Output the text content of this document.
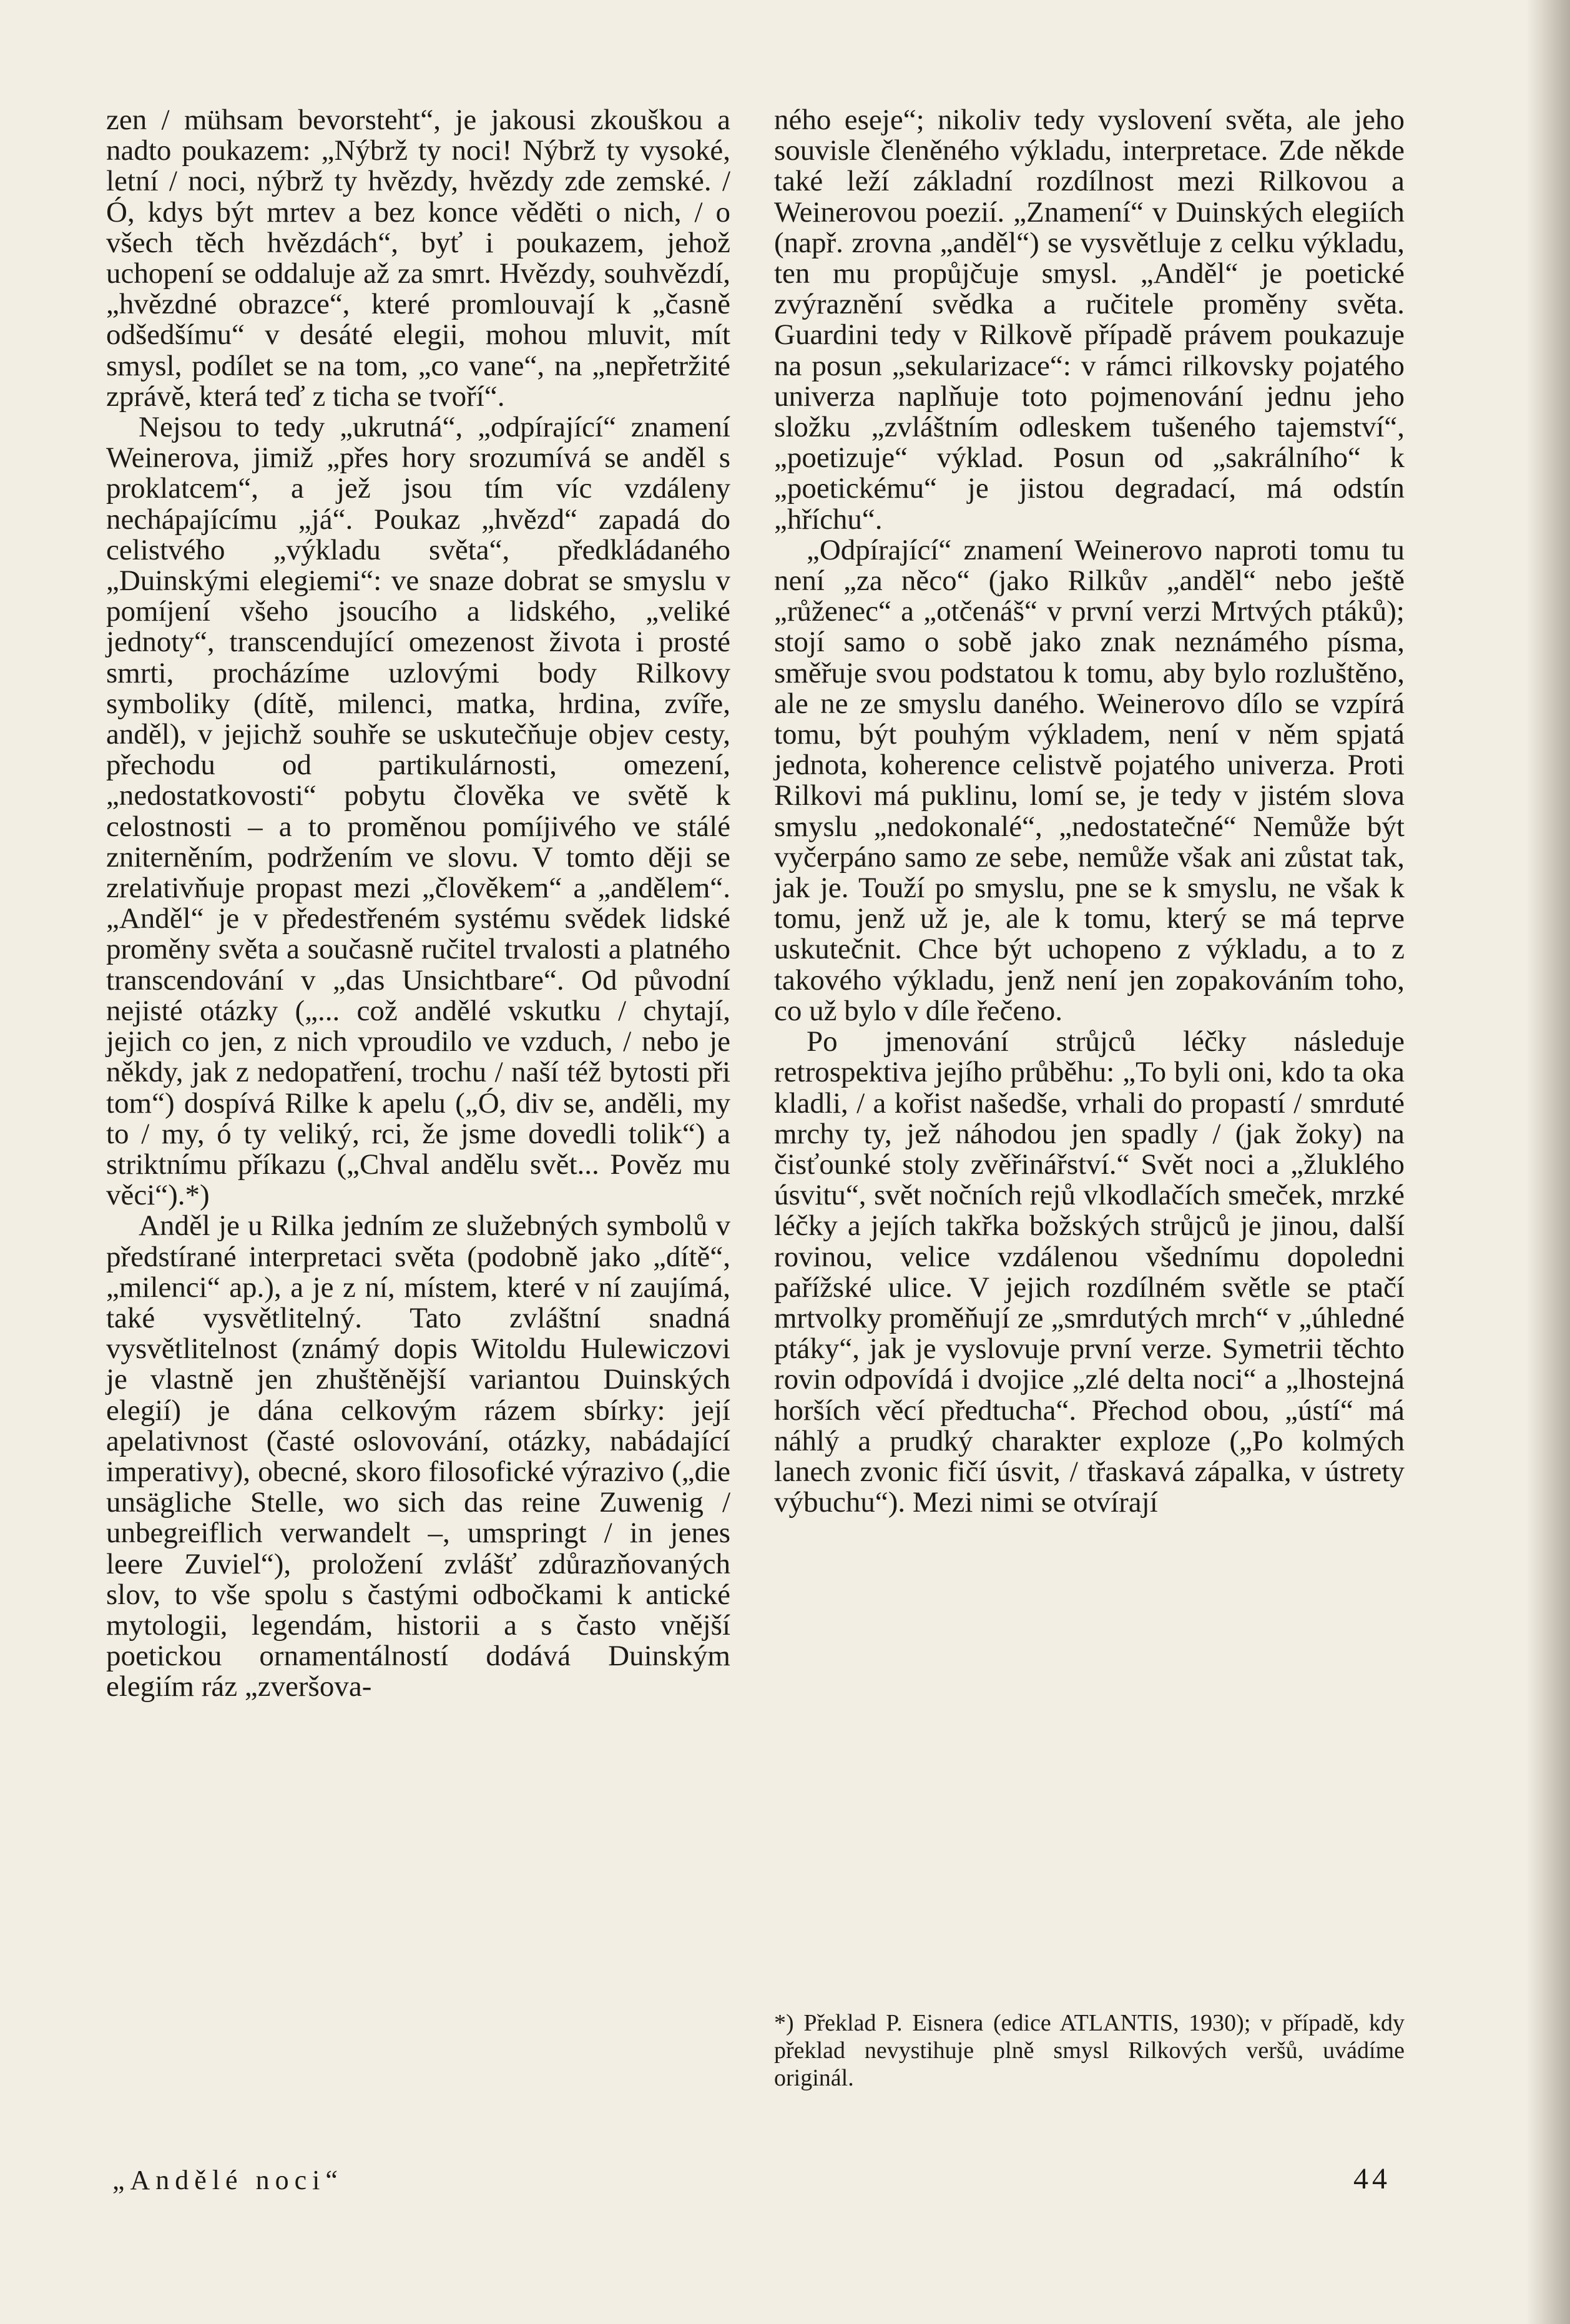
zen / mühsam bevorsteht“, je jakousi zkouškou a nadto poukazem: „Nýbrž ty noci! Nýbrž ty vysoké, letní / noci, nýbrž ty hvězdy, hvězdy zde zemské. / Ó, kdys být mrtev a bez konce věděti o nich, / o všech těch hvězdách“, byť i poukazem, jehož uchopení se oddaluje až za smrt. Hvězdy, souhvězdí, „hvězdné obrazce“, které promlouvají k „časně odšedšímu“ v desáté elegii, mohou mluvit, mít smysl, podílet se na tom, „co vane“, na „nepřetržité zprávě, která teď z ticha se tvoří“.

Nejsou to tedy „ukrutná“, „odpírající“ znamení Weinerova, jimiž „přes hory srozumívá se anděl s proklatcem“, a jež jsou tím víc vzdáleny nechápajícímu „já“. Poukaz „hvězd“ zapadá do celistvého „výkladu světa“, předkládaného „Duinskými elegiemi“: ve snaze dobrat se smyslu v pomíjení všeho jsoucího a lidského, „veliké jednoty“, transcendující omezenost života i prosté smrti, procházíme uzlovými body Rilkovy symboliky (dítě, milenci, matka, hrdina, zvíře, anděl), v jejichž souhře se uskutečňuje objev cesty, přechodu od partikulárnosti, omezení, „nedostatkovosti“ pobytu člověka ve světě k celostnosti – a to proměnou pomíjivého ve stálé zniterněním, podržením ve slovu. V tomto ději se zrelativňuje propast mezi „člověkem“ a „andělem“. „Anděl“ je v předestřeném systému svědek lidské proměny světa a současně ručitel trvalosti a platného transcendování v „das Unsichtbare“. Od původní nejisté otázky („... což andělé vskutku / chytají, jejich co jen, z nich vproudilo ve vzduch, / nebo je někdy, jak z nedopatření, trochu / naší též bytosti při tom“) dospívá Rilke k apelu („Ó, div se, anděli, my to / my, ó ty veliký, rci, že jsme dovedli tolik“) a striktnímu příkazu („Chval andělu svět... Pověz mu věci“).*)

Anděl je u Rilka jedním ze služebných symbolů v předstírané interpretaci světa (podobně jako „dítě“, „milenci“ ap.), a je z ní, místem, které v ní zaujímá, také vysvětlitelný. Tato zvláštní snadná vysvětlitelnost (známý dopis Witoldu Hulewiczovi je vlastně jen zhuštěnější variantou Duinských elegií) je dána celkovým rázem sbírky: její apelativnost (časté oslovování, otázky, nabádající imperativy), obecné, skoro filosofické výrazivo („die unsägliche Stelle, wo sich das reine Zuwenig / unbegreiflich verwandelt –, umspringt / in jenes leere Zuviel“), proložení zvlášť zdůrazňovaných slov, to vše spolu s častými odbočkami k antické mytologii, legendám, historii a s často vnější poetickou ornamentálností dodává Duinským elegiím ráz „zveršova-

ného eseje“; nikoliv tedy vyslovení světa, ale jeho souvisle členěného výkladu, interpretace. Zde někde také leží základní rozdílnost mezi Rilkovou a Weinerovou poezií. „Znamení“ v Duinských elegiích (např. zrovna „anděl“) se vysvětluje z celku výkladu, ten mu propůjčuje smysl. „Anděl“ je poetické zvýraznění svědka a ručitele proměny světa. Guardini tedy v Rilkově případě právem poukazuje na posun „sekularizace“: v rámci rilkovsky pojatého univerza naplňuje toto pojmenování jednu jeho složku „zvláštním odleskem tušeného tajemství“, „poetizuje“ výklad. Posun od „sakrálního“ k „poetickému“ je jistou degradací, má odstín „hříchu“.

„Odpírající“ znamení Weinerovo naproti tomu tu není „za něco“ (jako Rilkův „anděl“ nebo ještě „růženec“ a „otčenáš“ v první verzi Mrtvých ptáků); stojí samo o sobě jako znak neznámého písma, směřuje svou podstatou k tomu, aby bylo rozluštěno, ale ne ze smyslu daného. Weinerovo dílo se vzpírá tomu, být pouhým výkladem, není v něm spjatá jednota, koherence celistvě pojatého univerza. Proti Rilkovi má puklinu, lomí se, je tedy v jistém slova smyslu „nedokonalé“, „nedostatečné“ Nemůže být vyčerpáno samo ze sebe, nemůže však ani zůstat tak, jak je. Touží po smyslu, pne se k smyslu, ne však k tomu, jenž už je, ale k tomu, který se má teprve uskutečnit. Chce být uchopeno z výkladu, a to z takového výkladu, jenž není jen zopakováním toho, co už bylo v díle řečeno.

Po jmenování strůjců léčky následuje retrospektiva jejího průběhu: „To byli oni, kdo ta oka kladli, / a kořist našedše, vrhali do propastí / smrduté mrchy ty, jež náhodou jen spadly / (jak žoky) na čisťounké stoly zvěřinářství.“ Svět noci a „žluklého úsvitu“, svět nočních rejů vlkodlačích smeček, mrzké léčky a jejích takřka božských strůjců je jinou, další rovinou, velice vzdálenou všednímu dopoledni pařížské ulice. V jejich rozdílném světle se ptačí mrtvolky proměňují ze „smrdutých mrch“ v „úhledné ptáky“, jak je vyslovuje první verze. Symetrii těchto rovin odpovídá i dvojice „zlé delta noci“ a „lhostejná horších věcí předtucha“. Přechod obou, „ústí“ má náhlý a prudký charakter exploze („Po kolmých lanech zvonic fičí úsvit, / třaskavá zápalka, v ústrety výbuchu“). Mezi nimi se otvírají

*) Překlad P. Eisnera (edice ATLANTIS, 1930); v případě, kdy překlad nevystihuje plně smysl Rilkových veršů, uvádíme originál.
„Andělé noci“	44
